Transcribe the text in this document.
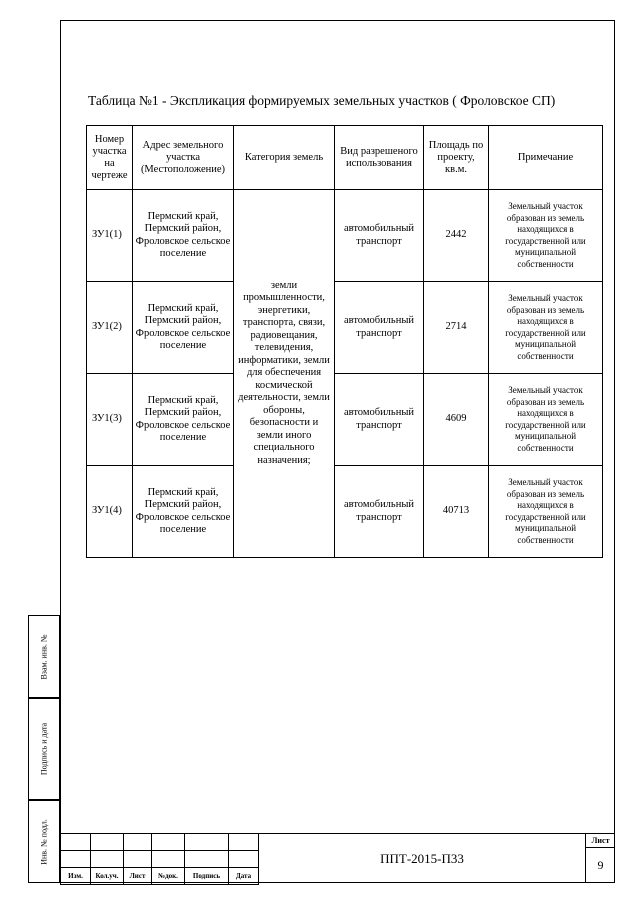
Взам. инв. №
Подпись и дата
Инв. № подл.
Таблица №1 - Экспликация формируемых земельных участков ( Фроловское СП)
Номер участка на чертеже	Адрес земельного участка (Местоположение)	Категория земель	Вид разрешеного использования	Площадь по проекту, кв.м.	Примечание
ЗУ1(1)	Пермский край, Пермский район, Фроловское сельское поселение	земли промышленности, энергетики, транспорта, связи, радиовещания, телевидения, информатики, земли для обеспечения космической деятельности, земли обороны, безопасности и земли иного специального назначения;	автомобильный транспорт	2442	Земельный участок образован из земель находящихся в государственной или муниципальной собственности
ЗУ1(2)	Пермский край, Пермский район, Фроловское сельское поселение		автомобильный транспорт	2714	Земельный участок образован из земель находящихся в государственной или муниципальной собственности
ЗУ1(3)	Пермский край, Пермский район, Фроловское сельское поселение		автомобильный транспорт	4609	Земельный участок образован из земель находящихся в государственной или муниципальной собственности
ЗУ1(4)	Пермский край, Пермский район, Фроловское сельское поселение		автомобильный транспорт	40713	Земельный участок образован из земель находящихся в государственной или муниципальной собственности

Изм.	Кол.уч.	Лист	№док.	Подпись	Дата
ППТ-2015-П33
Лист
9
